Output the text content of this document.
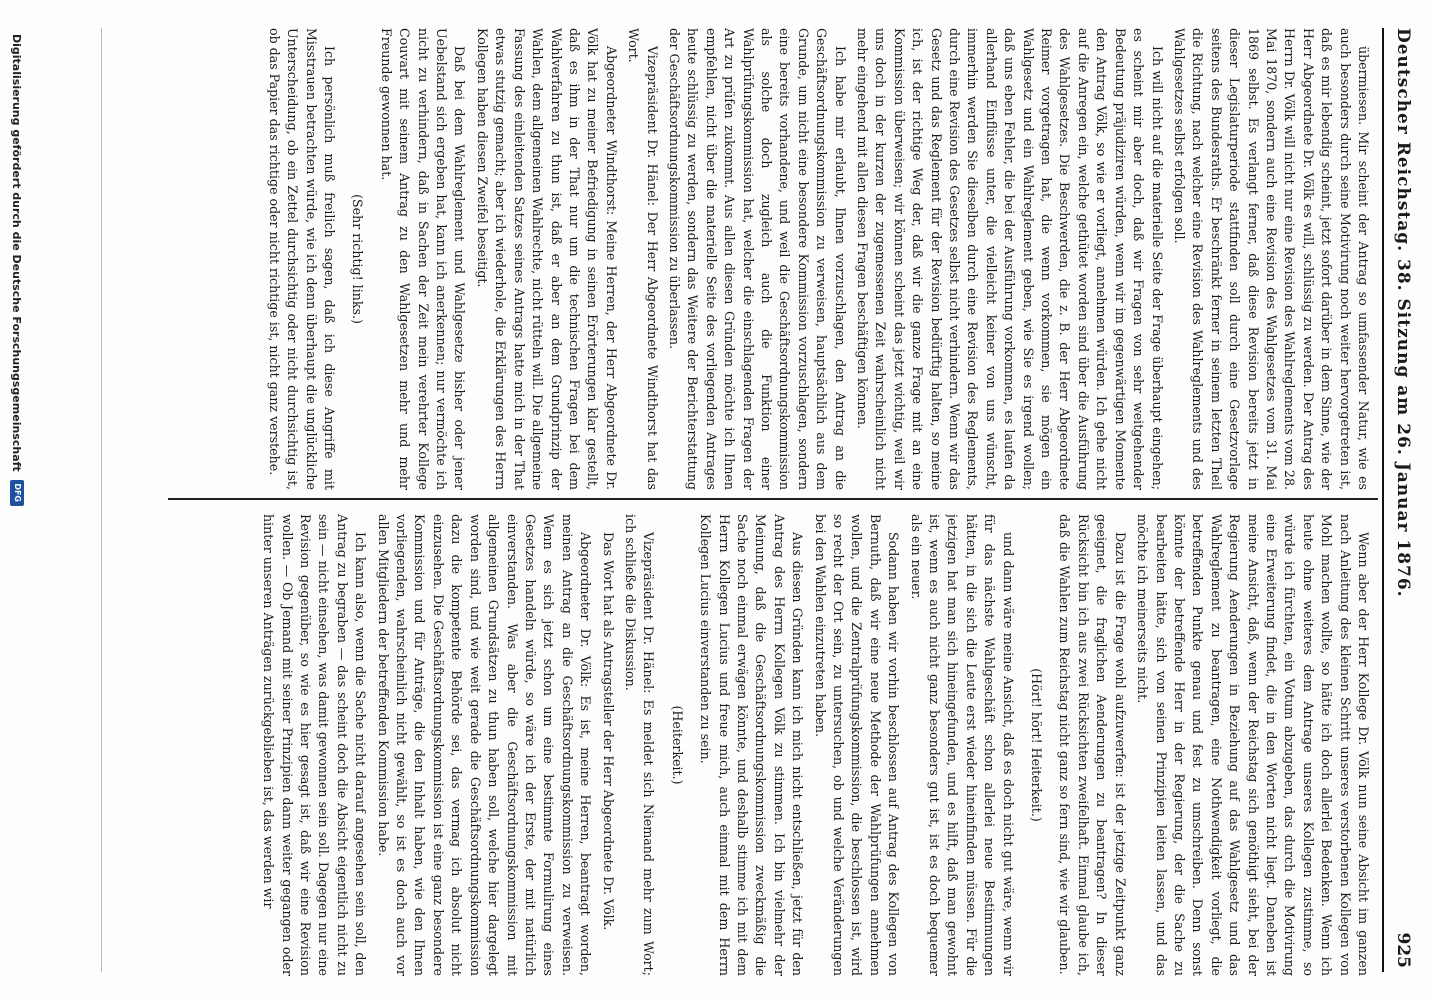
Deutscher Reichstag. 38. Sitzung am 26. Januar 1876.
925

übermiesen. Mir scheint der Antrag so umfassender Natur, wie es auch besonders durch seine Motivirung noch weiter hervorgetreten ist, daß es mir lebendig scheint, jetzt sofort darüber in dem Sinne, wie der Herr Abgeordnete Dr. Völk es will, schlüssig zu werden. Der Antrag des Herrn Dr. Völk will nicht nur eine Revision des Wahlreglements vom 28. Mai 1870, sondern auch eine Revision des Wahlgesetzes vom 31. Mai 1869 selbst. Es verlangt ferner, daß diese Revision bereits jetzt in dieser Legislaturperiode stattfinden soll durch eine Gesetzvorlage seitens des Bundesraths. Er beschränkt ferner in seinem letzten Theil die Richtung, nach welcher eine Revision des Wahlreglements und des Wahlgesetzes selbst erfolgen soll.

Ich will nicht auf die materielle Seite der Frage überhaupt eingehen; es scheint mir aber doch, daß wir Fragen von sehr weitgehender Bedeutung präjudiziren würden, wenn wir im gegenwärtigen Momente den Antrag Völk, so wie er vorliegt, annehmen würden. Ich gehe nicht auf die Anregen ein, welche gethütet worden sind über die Ausführung des Wahlgesetzes. Die Beschwerden, die z. B. der Herr Abgeordnete Reimer vorgetragen hat, die wenn vorkommen, sie mögen ein Wahlgesetz und ein Wahlreglement geben, wie Sie es irgend wollen; daß uns eben Fehler, die bei der Ausführung vorkommen, es laufen da allerhand Einflüsse unter, die vielleicht keiner von uns wünscht, immerhin werden Sie dieselben durch eine Revision des Reglements, durch eine Revision des Gesetzes selbst nicht verhindern. Wenn wir das Gesetz und das Reglement für der Revision bedürftig halten, so meine ich, ist der richtige Weg der, daß wir die ganze Frage mit an eine Kommission überweisen; wir können scheint das jetzt wichtig, weil wir uns doch in der kurzen der zugemessenen Zeit wahrscheinlich nicht mehr eingehend mit allen diesen Fragen beschäftigen können.

Ich habe mir erlaubt, Ihnen vorzuschlagen, den Antrag an die Geschäftsordnungskommission zu verweisen, hauptsächlich aus dem Grunde, um nicht eine besondere Kommission vorzuschlagen, sondern eine bereits vorhandene, und weil die Geschäftsordnungskommission als solche doch zugleich auch die Funktion einer Wahlprüfungskommission hat, welcher die einschlagenden Fragen der Art zu prüfen zukommt. Aus allen diesen Gründen möchte ich Ihnen empfehlen, nicht über die materielle Seite des vorliegenden Antrages heute schlüssig zu werden, sondern das Weitere der Berichterstattung der Geschäftsordnungskommission zu überlassen.

Vizepräsident Dr. Hänel: Der Herr Abgeordnete Windthorst hat das Wort.

Abgeordneter Windthorst: Meine Herren, der Herr Abgeordnete Dr. Völk hat zu meiner Befriedigung in seinen Erörterungen klar gestellt, daß es ihm in der That nur um die technischen Fragen bei dem Wahlverfahren zu thun ist, daß er aber an dem Grundprinzip der Wahlen, dem allgemeinen Wahlrechte, nicht rütteln will. Die allgemeine Fassung des einleitenden Satzes seines Antrags hatte mich in der That etwas stutzig gemacht; aber ich wiederhole, die Erklärungen des Herrn Kollegen haben diesen Zweifel beseitigt.

Daß bei dem Wahlreglement und Wahlgesetze bisher oder jener Uebelstand sich ergeben hat, kann ich anerkennen; nur vermöchte ich nicht zu verhindern, daß in Sachen der Zeit mein verehrter Kollege Couvart mit seinem Antrag zu den Wahlgesetzen mehr und mehr Freunde gewonnen hat.

(Sehr richtig! links.)

Ich persönlich muß freilich sagen, daß ich diese Angriffe mit Misstrauen betrachten würde, wie ich denn überhaupt die unglückliche Unterscheidung, ob ein Zettel durchsichtig oder nicht durchsichtig ist, ob das Papier das richtige oder nicht richtige ist, nicht ganz verstehe.

Wenn aber der Herr Kollege Dr. Völk nun seine Absicht im ganzen nach Anleitung des kleinen Schritt unseres verstorbenen Kollegen von Mohl machen wollte, so hätte ich doch allerlei Bedenken. Wenn ich heute ohne weiteres dem Antrage unseres Kollegen zustimme, so würde ich fürchten, ein Votum abzugeben, das durch die Motivirung eine Erweiterung findet, die in den Worten nicht liegt. Daneben ist meine Ansicht, daß, wenn der Reichstag sich genöthigt sieht, bei der Regierung Aenderungen in Beziehung auf das Wahlgesetz und das Wahlreglement zu beantragen, eine Nothwendigkeit vorliegt, die betreffenden Punkte genau und fest zu umschreiben. Denn sonst könnte der betreffende Herr in der Regierung, der die Sache zu bearbeiten hätte, sich von seinen Prinzipien leiten lassen, und das möchte ich meinerseits nicht.

Dazu ist die Frage wohl aufzuwerfen: ist der jetzige Zeitpunkt ganz geeignet, die fraglichen Aenderungen zu beantragen? In dieser Rücksicht bin ich aus zwei Rücksichten zweifelhaft. Einmal glaube ich, daß die Wahlen zum Reichstag nicht ganz so fern sind, wie wir glauben.

(Hört! hört! Heiterkeit.)

und dann wäre meine Ansicht, daß es doch nicht gut wäre, wenn wir für das nächste Wahlgeschäft schon allerlei neue Bestimmungen hätten, in die sich die Leute erst wieder hineinfinden müssen. Für die jetzigen hat man sich hineingefunden, und es hilft, daß man gewohnt ist, wenn es auch nicht ganz besonders gut ist, ist es doch bequemer als ein neuer.

Sodann haben wir vorhin beschlossen auf Antrag des Kollegen von Bernuth, daß wir eine neue Methode der Wahlprüfungen annehmen wollen, und die Zentralprüfungskommission, die beschlossen ist, wird so recht der Ort sein, zu untersuchen, ob und welche Veränderungen bei den Wahlen einzutreten haben.

Aus diesen Gründen kann ich mich nicht entschließen, jetzt für den Antrag des Herrn Kollegen Völk zu stimmen. Ich bin vielmehr der Meinung, daß die Geschäftsordnungskommission zweckmäßig die Sache noch einmal erwägen könnte, und deshalb stimme ich mit dem Herrn Kollegen Lucius und freue mich, auch einmal mit dem Herrn Kollegen Lucius einverstanden zu sein.

(Heiterkeit.)

Vizepräsident Dr. Hänel: Es meldet sich Niemand mehr zum Wort; ich schließe die Diskussion.

Das Wort hat als Antragsteller der Herr Abgeordnete Dr. Völk.

Abgeordneter Dr. Völk: Es ist, meine Herren, beantragt worden, meinen Antrag an die Geschäftsordnungskommission zu verweisen. Wenn es sich jetzt schon um eine bestimmte Formulirung eines Gesetzes handeln würde, so wäre ich der Erste, der mit natürlich einverstanden. Was aber die Geschäftsordnungskommission mit allgemeinen Grundsätzen zu thun haben soll, welche hier dargelegt worden sind, und wie weit gerade die Geschäftsordnungskommission dazu die kompetente Behörde sei, das vermag ich absolut nicht einzusehen. Die Geschäftsordnungskommission ist eine ganz besondere Kommission und für Anträge, die den Inhalt haben, wie den Ihnen vorliegenden, wahrscheinlich nicht gewählt, so ist es doch auch vor allen Mitgliedern der betreffenden Kommission habe.

Ich kann also, wenn die Sache nicht darauf angesehen sein soll, den Antrag zu begraben — das scheint doch die Absicht eigentlich nicht zu sein — nicht einsehen, was damit gewonnen sein soll. Dagegen nur eine Revision gegenüber, so wie es hier gesagt ist, daß wir eine Revision wollen. — Ob Jemand mit seiner Prinzipien dann weiter gegangen oder hinter unseren Anträgen zurückgeblieben ist, das werden wir

Digitalisierung gefördert durch die Deutsche Forschungsgemeinschaft
DFG
